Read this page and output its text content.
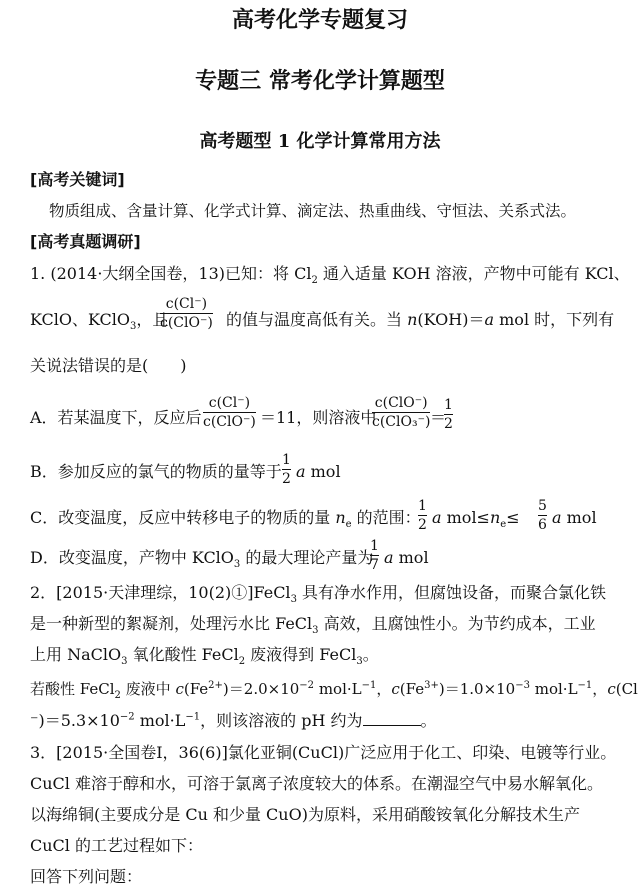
高考化学专题复习
专题三 常考化学计算题型
高考题型 1 化学计算常用方法
[高考关键词]
物质组成、含量计算、化学式计算、滴定法、热重曲线、守恒法、关系式法。
[高考真题调研]
1. (2014·大纲全国卷，13)已知：将 $Cl_2$ 通入适量 KOH 溶液，产物中可能有 KCl、
KClO、KClO$_3$，且
c(Cl⁻)
c(ClO⁻) 的值与温度高低有关。当 n(KOH)＝a mol 时，下列有
关说法错误的是(　　)
A．若某温度下，反应后
c(Cl⁻)
c(ClO⁻) ＝11，则溶液中
c(ClO⁻)
c(ClO₃⁻) ＝
1
2
B．参加反应的氯气的物质的量等于
1
2 a mol
C．改变温度，反应中转移电子的物质的量 $n_e$ 的范围：
1
2 a $mol\le n_e\le$
5
6 a mol
D．改变温度，产物中 KClO$_3$ 的最大理论产量为
1
7 a mol
2．[2015·天津理综，10(2)①]FeCl$_3$ 具有净水作用，但腐蚀设备，而聚合氯化铁
是一种新型的絮凝剂，处理污水比 FeCl$_3$ 高效，且腐蚀性小。为节约成本，工业
上用 NaClO$_3$ 氧化酸性 FeCl$_2$ 废液得到 FeCl$_3$。
若酸性 FeCl$_2$ 废液中 $c(Fe^{2+})=2.0\times 10^{-2}$ $mol\cdot L^{-1}$，$c(Fe^{3+})=1.0\times 10^{-3}$ $mol\cdot L^{-1}$，c(Cl
$^-)=5.3\times 10^{-2}$ $mol\cdot L^{-1}$，则该溶液的 pH 约为	。
3．[2015·全国卷Ⅰ，36(6)]氯化亚铜(CuCl)广泛应用于化工、印染、电镀等行业。
CuCl 难溶于醇和水，可溶于氯离子浓度较大的体系。在潮湿空气中易水解氧化。
以海绵铜(主要成分是 Cu 和少量 CuO)为原料，采用硝酸铵氧化分解技术生产
CuCl 的工艺过程如下：
回答下列问题：
